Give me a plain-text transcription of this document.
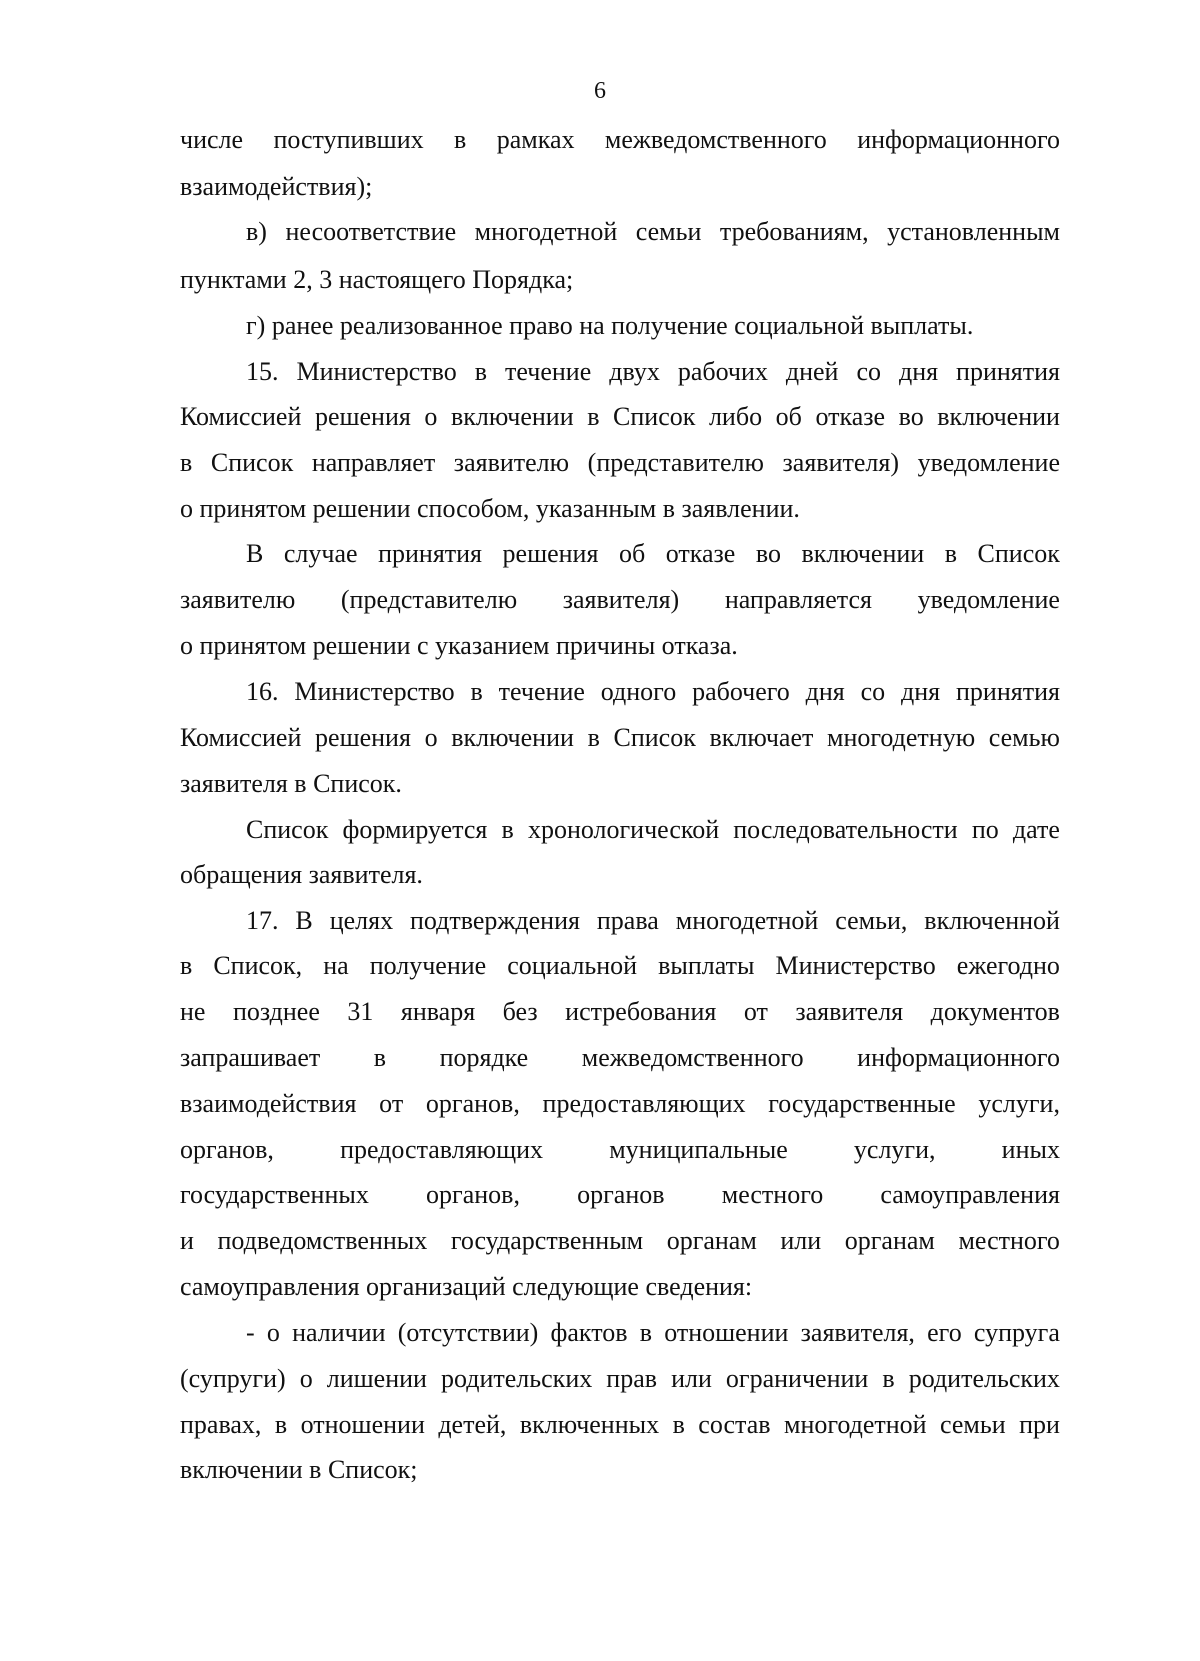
6
числе поступивших в рамках межведомственного информационного
взаимодействия);
в) несоответствие многодетной семьи требованиям, установленным
пунктами 2, 3 настоящего Порядка;
г) ранее реализованное право на получение социальной выплаты.
15. Министерство в течение двух рабочих дней со дня принятия
Комиссией решения о включении в Список либо об отказе во включении
в Список направляет заявителю (представителю заявителя) уведомление
о принятом решении способом, указанным в заявлении.
В случае принятия решения об отказе во включении в Список
заявителю (представителю заявителя) направляется уведомление
о принятом решении с указанием причины отказа.
16. Министерство в течение одного рабочего дня со дня принятия
Комиссией решения о включении в Список включает многодетную семью
заявителя в Список.
Список формируется в хронологической последовательности по дате
обращения заявителя.
17. В целях подтверждения права многодетной семьи, включенной
в Список, на получение социальной выплаты Министерство ежегодно
не позднее 31 января без истребования от заявителя документов
запрашивает в порядке межведомственного информационного
взаимодействия от органов, предоставляющих государственные услуги,
органов,	предоставляющих	муниципальные	услуги,	иных
государственных органов, органов местного самоуправления
и подведомственных государственным органам или органам местного
самоуправления организаций следующие сведения:
- о наличии (отсутствии) фактов в отношении заявителя, его супруга
(супруги) о лишении родительских прав или ограничении в родительских
правах, в отношении детей, включенных в состав многодетной семьи при
включении в Список;
